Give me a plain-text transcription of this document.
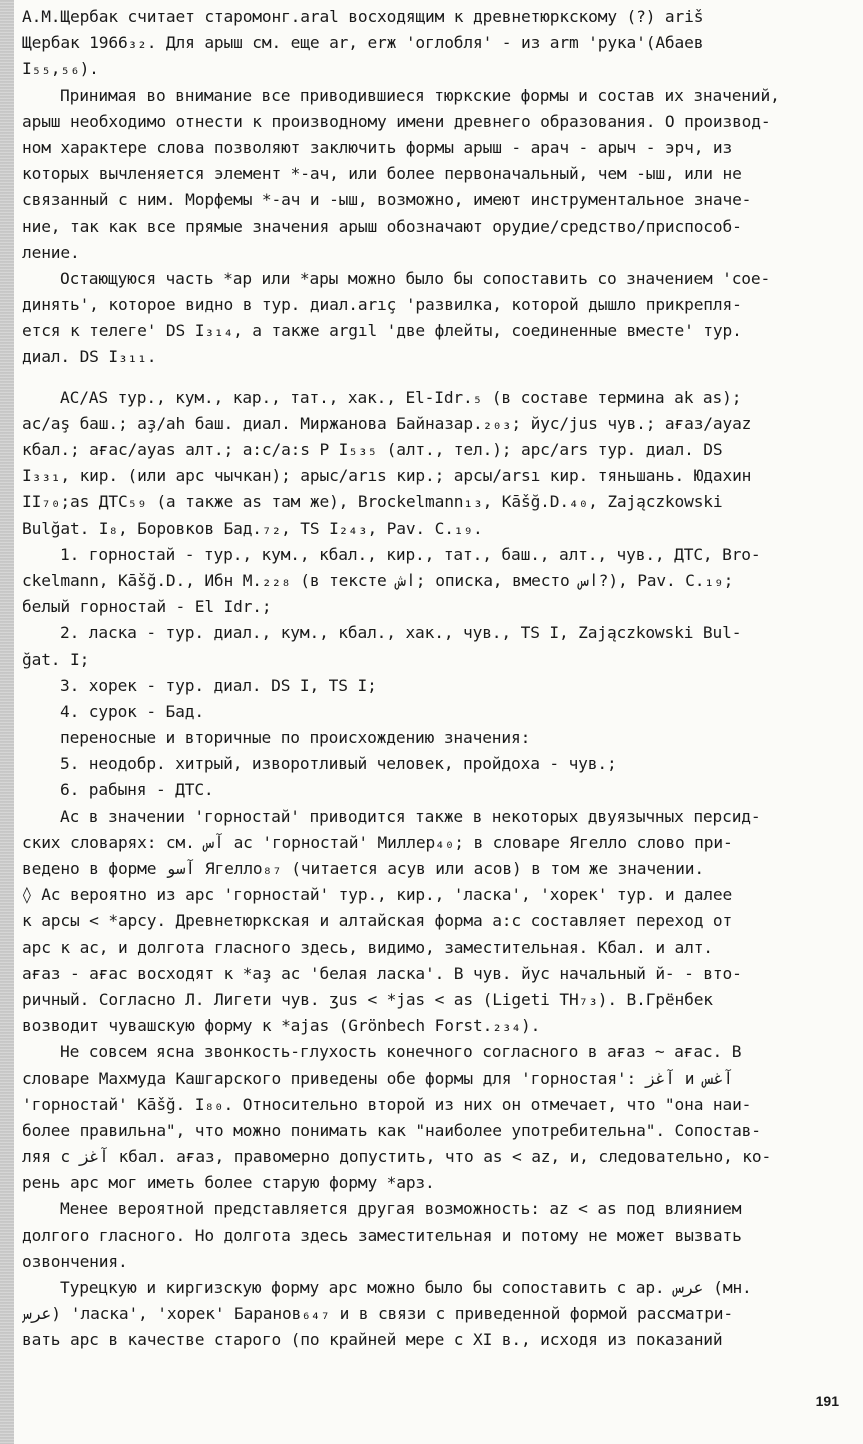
А.М.Щербак считает старомонг.aral восходящим к древнетюркскому (?) ariš
Щербак 1966₃₂. Для арыш см. еще ar, erж 'оглобля' - из arm 'рука'(Абаев
I₅₅,₅₆).
Принимая во внимание все приводившиеся тюркские формы и состав их значений,
арыш необходимо отнести к производному имени древнего образования. О производ-
ном характере слова позволяют заключить формы арыш - арач - арыч - эрч, из
которых вычленяется элемент *-ач, или более первоначальный, чем -ыш, или не
связанный с ним. Морфемы *-ач и -ыш, возможно, имеют инструментальное значе-
ние, так как все прямые значения арыш обозначают орудие/средство/приспособ-
ление.
Остающуюся часть *ар или *ары можно было бы сопоставить со значением 'сое-
динять', которое видно в тур. диал.arıç 'развилка, которой дышло прикрепля-
ется к телеге' DS I₃₁₄, а также argıl 'две флейты, соединенные вместе' тур.
диал. DS I₃₁₁.
АС/AS тур., кум., кар., тат., хак., El-Idr.₅ (в составе термина ak as);
ас/aş баш.; аҙ/ah баш. диал. Миржанова Байназар.₂₀₃; йус/jus чув.; ағаз/ayaz
кбал.; ағас/ayas алт.; а:с/a:s P I₅₃₅ (алт., тел.); арс/ars тур. диал. DS
I₃₃₁, кир. (или арс чычкан); арыс/arıs кир.; арсы/arsı кир. тяньшань. Юдахин
II₇₀;as ДТС₅₉ (а также as там же), Brockelmann₁₃, Kāšğ.D.₄₀, Zajączkowski
Bulğat. I₈, Боровков Бад.₇₂, TS I₂₄₃, Pav. C.₁₉.
1. горностай - тур., кум., кбал., кир., тат., баш., алт., чув., ДТС, Bro-
ckelmann, Kāšğ.D., Ибн М.₂₂₈ (в тексте اش; описка, вместо اس?), Pav. C.₁₉;
белый горностай - El Idr.;
2. ласка - тур. диал., кум., кбал., хак., чув., TS I, Zajączkowski Bul-
ğat. I;
3. хорек - тур. диал. DS I, TS I;
4. сурок - Бад.
переносные и вторичные по происхождению значения:
5. неодобр. хитрый, изворотливый человек, пройдоха - чув.;
6. рабыня - ДТС.
Ас в значении 'горностай' приводится также в некоторых двуязычных персид-
ских словарях: см. آس ас 'горностай' Миллер₄₀; в словаре Ягелло слово при-
ведено в форме آسو Ягелло₈₇ (читается асув или асов) в том же значении.
◊ Ас вероятно из арс 'горностай' тур., кир., 'ласка', 'хорек' тур. и далее
к арсы < *арсу. Древнетюркская и алтайская форма а:с составляет переход от
арс к ас, и долгота гласного здесь, видимо, заместительная. Кбал. и алт.
ағаз - ағас восходят к *аҙ ас 'белая ласка'. В чув. йус начальный й- - вто-
ричный. Согласно Л. Лигети чув. ӡus < *jas < as (Ligeti TH₇₃). В.Грёнбек
возводит чувашскую форму к *ajas (Grönbech Forst.₂₃₄).
Не совсем ясна звонкость-глухость конечного согласного в ағаз ~ ағас. В
словаре Махмуда Кашгарского приведены обе формы для 'горностая': آغز и آغس
'горностай' Kāšğ. I₈₀. Относительно второй из них он отмечает, что "она наи-
более правильна", что можно понимать как "наиболее употребительна". Сопостав-
ляя с آغز кбал. ағаз, правомерно допустить, что as < az, и, следовательно, ко-
рень арс мог иметь более старую форму *арз.
Менее вероятной представляется другая возможность: az < as под влиянием
долгого гласного. Но долгота здесь заместительная и потому не может вызвать
озвончения.
Турецкую и киргизскую форму арс можно было бы сопоставить с ар. عرس (мн.
عرس) 'ласка', 'хорек' Баранов₆₄₇ и в связи с приведенной формой рассматри-
вать арс в качестве старого (по крайней мере с XI в., исходя из показаний
191
